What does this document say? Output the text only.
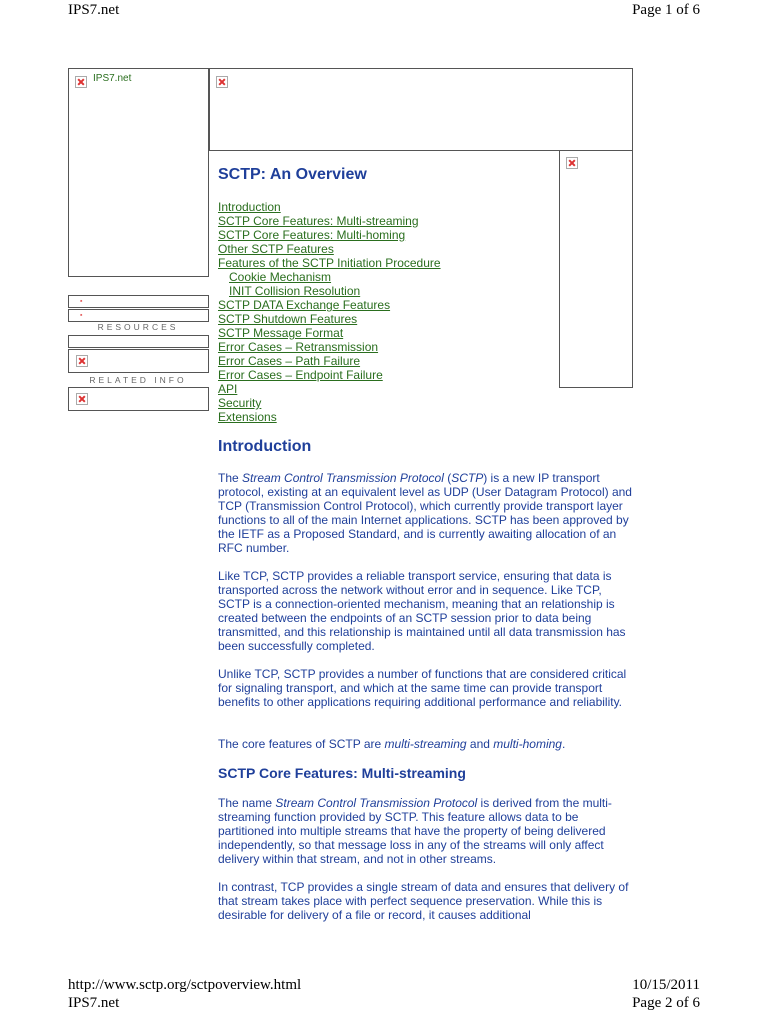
IPS7.net	Page 1 of 6
IPS7.net
✖
✖
RESOURCES
RELATED INFO
SCTP: An Overview
Introduction
SCTP Core Features: Multi-streaming
SCTP Core Features: Multi-homing
Other SCTP Features
Features of the SCTP Initiation Procedure
Cookie Mechanism
INIT Collision Resolution
SCTP DATA Exchange Features
SCTP Shutdown Features
SCTP Message Format
Error Cases – Retransmission
Error Cases – Path Failure
Error Cases – Endpoint Failure
API
Security
Extensions
Introduction
The Stream Control Transmission Protocol (SCTP) is a new IP transport protocol, existing at an equivalent level as UDP (User Datagram Protocol) and TCP (Transmission Control Protocol), which currently provide transport layer functions to all of the main Internet applications. SCTP has been approved by the IETF as a Proposed Standard, and is currently awaiting allocation of an RFC number.
Like TCP, SCTP provides a reliable transport service, ensuring that data is transported across the network without error and in sequence. Like TCP, SCTP is a connection-oriented mechanism, meaning that an relationship is created between the endpoints of an SCTP session prior to data being transmitted, and this relationship is maintained until all data transmission has been successfully completed.
Unlike TCP, SCTP provides a number of functions that are considered critical for signaling transport, and which at the same time can provide transport benefits to other applications requiring additional performance and reliability.
The core features of SCTP are multi-streaming and multi-homing.
SCTP Core Features: Multi-streaming
The name Stream Control Transmission Protocol is derived from the multi-streaming function provided by SCTP. This feature allows data to be partitioned into multiple streams that have the property of being delivered independently, so that message loss in any of the streams will only affect delivery within that stream, and not in other streams.
In contrast, TCP provides a single stream of data and ensures that delivery of that stream takes place with perfect sequence preservation. While this is desirable for delivery of a file or record, it causes additional
http://www.sctp.org/sctpoverview.html	10/15/2011
IPS7.net	Page 2 of 6
